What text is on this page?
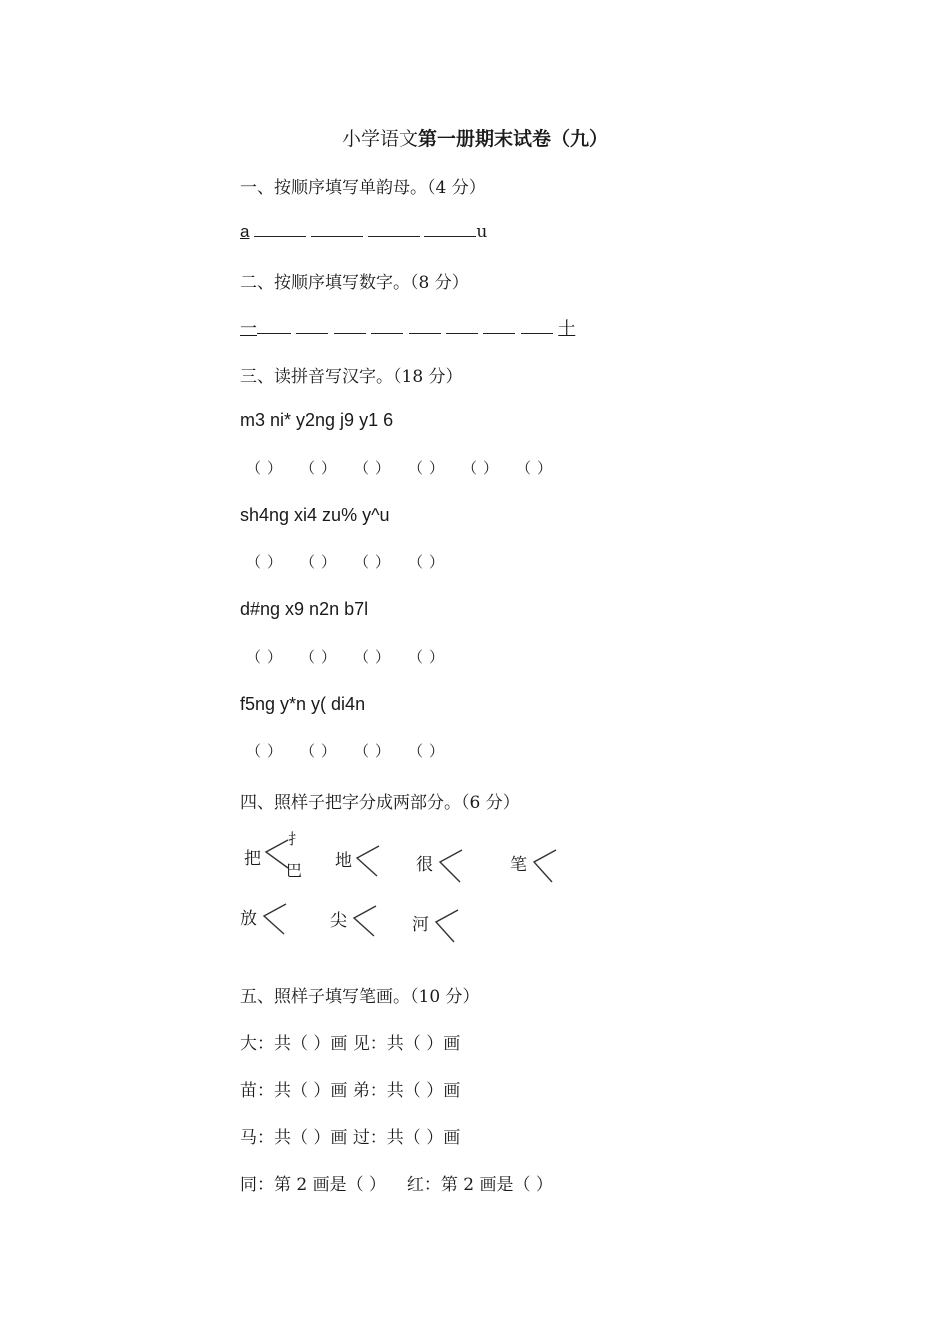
小学语文第一册期末试卷（九）
一、按顺序填写单韵母。（4 分）
a	u
二、按顺序填写数字。（8 分）
一	十
三、读拼音写汉字。（18 分）
m3 ni* y2ng j9 y1 6
（） （） （） （） （） （）
sh4ng xi4 zu% y^u
（） （） （） （）
d#ng x9 n2n b7l
（） （） （） （）
f5ng y*n y( di4n
（） （） （） （）
四、照样子把字分成两部分。（6 分）
把
扌
巴 地	很	笔
放	尖	河
五、照样子填写笔画。（10 分）
大：共（ ）画 见：共（ ）画
苗：共（ ）画 弟：共（ ）画
马：共（ ）画 过：共（ ）画
同：第 2 画是（ ） 红：第 2 画是（ ）
